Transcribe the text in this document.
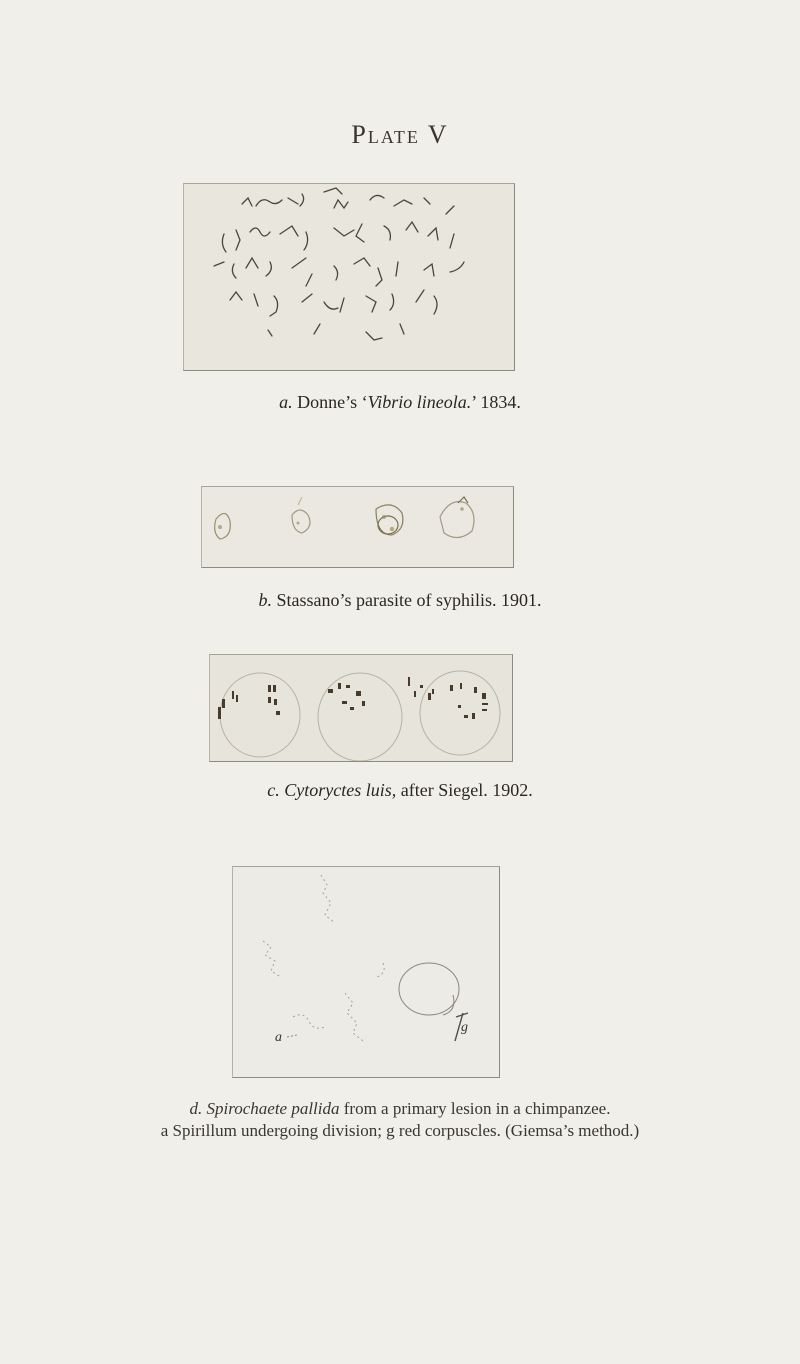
Plate V
a. Donne’s ‘Vibrio lineola.’ 1834.
b. Stassano’s parasite of syphilis. 1901.
c. Cytoryctes luis, after Siegel. 1902.
g
a
d. Spirochaete pallida from a primary lesion in a chimpanzee.
a Spirillum undergoing division; g red corpuscles. (Giemsa’s method.)
